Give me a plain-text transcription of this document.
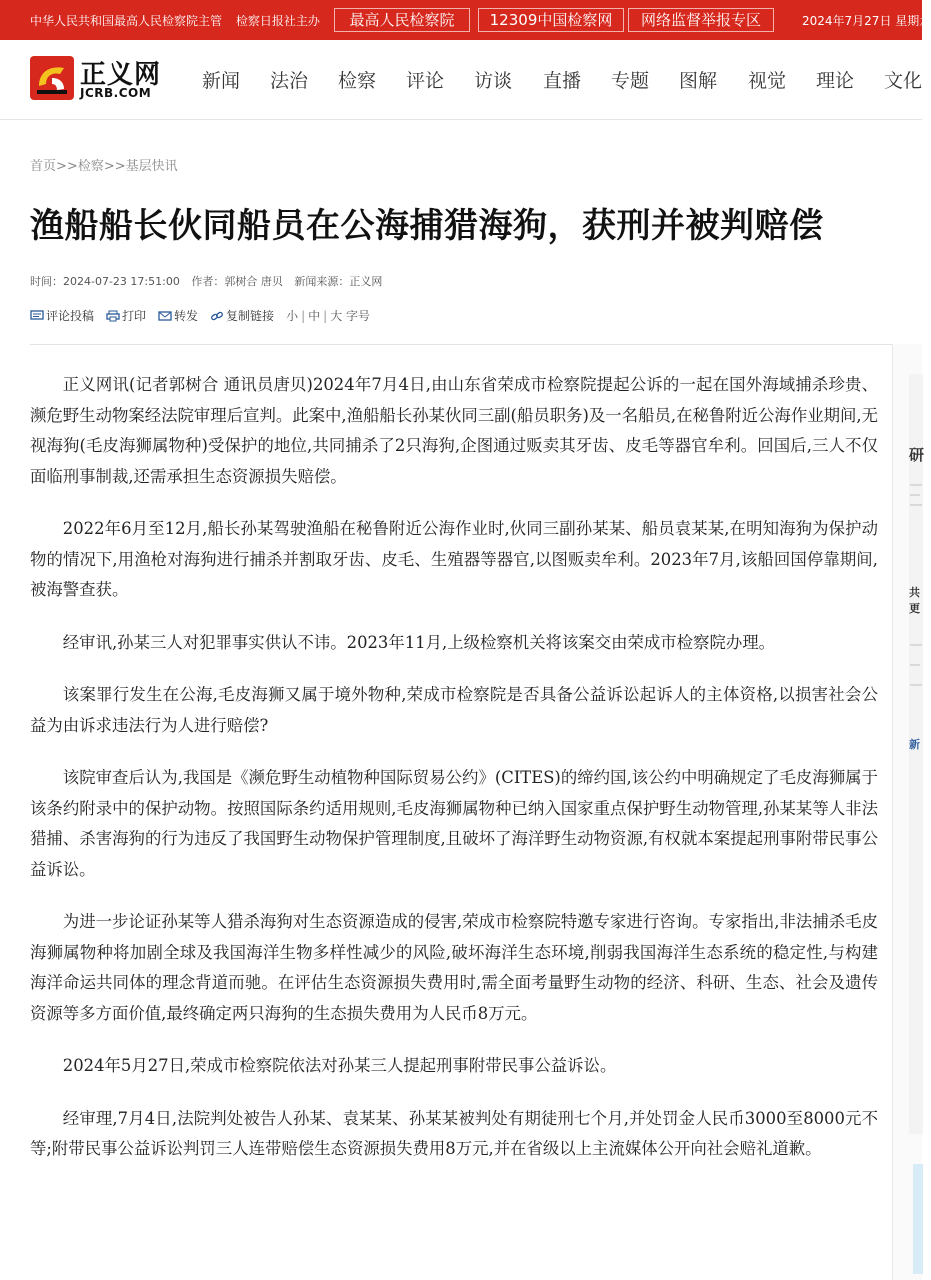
中华人民共和国最高人民检察院主管 检察日报社主办	最高人民检察院	12309中国检察网	网络监督举报专区	2024年7月27日 星期六
正义网
JCRB.COM
新闻 法治 检察 评论 访谈 直播 专题 图解 视觉 理论 文化
首页>>检察>>基层快讯
渔船船长伙同船员在公海捕猎海狗，获刑并被判赔偿
时间：2024-07-23 17:51:00 作者：郭树合 唐贝 新闻来源：正义网
评论投稿 打印 转发 复制链接 小 | 中 | 大 字号

正义网讯(记者郭树合 通讯员唐贝)2024年7月4日,由山东省荣成市检察院提起公诉的一起在国外海域捕杀珍贵、濒危野生动物案经法院审理后宣判。此案中,渔船船长孙某伙同三副(船员职务)及一名船员,在秘鲁附近公海作业期间,无视海狗(毛皮海狮属物种)受保护的地位,共同捕杀了2只海狗,企图通过贩卖其牙齿、皮毛等器官牟利。回国后,三人不仅面临刑事制裁,还需承担生态资源损失赔偿。

2022年6月至12月,船长孙某驾驶渔船在秘鲁附近公海作业时,伙同三副孙某某、船员袁某某,在明知海狗为保护动物的情况下,用渔枪对海狗进行捕杀并割取牙齿、皮毛、生殖器等器官,以图贩卖牟利。2023年7月,该船回国停靠期间,被海警查获。

经审讯,孙某三人对犯罪事实供认不讳。2023年11月,上级检察机关将该案交由荣成市检察院办理。

该案罪行发生在公海,毛皮海狮又属于境外物种,荣成市检察院是否具备公益诉讼起诉人的主体资格,以损害社会公益为由诉求违法行为人进行赔偿?

该院审查后认为,我国是《濒危野生动植物种国际贸易公约》(CITES)的缔约国,该公约中明确规定了毛皮海狮属于该条约附录中的保护动物。按照国际条约适用规则,毛皮海狮属物种已纳入国家重点保护野生动物管理,孙某某等人非法猎捕、杀害海狗的行为违反了我国野生动物保护管理制度,且破坏了海洋野生动物资源,有权就本案提起刑事附带民事公益诉讼。

为进一步论证孙某等人猎杀海狗对生态资源造成的侵害,荣成市检察院特邀专家进行咨询。专家指出,非法捕杀毛皮海狮属物种将加剧全球及我国海洋生物多样性减少的风险,破坏海洋生态环境,削弱我国海洋生态系统的稳定性,与构建海洋命运共同体的理念背道而驰。在评估生态资源损失费用时,需全面考量野生动物的经济、科研、生态、社会及遗传资源等多方面价值,最终确定两只海狗的生态损失费用为人民币8万元。

2024年5月27日,荣成市检察院依法对孙某三人提起刑事附带民事公益诉讼。

经审理,7月4日,法院判处被告人孙某、袁某某、孙某某被判处有期徒刑七个月,并处罚金人民币3000至8000元不等;附带民事公益诉讼判罚三人连带赔偿生态资源损失费用8万元,并在省级以上主流媒体公开向社会赔礼道歉。

研
共
更
新
